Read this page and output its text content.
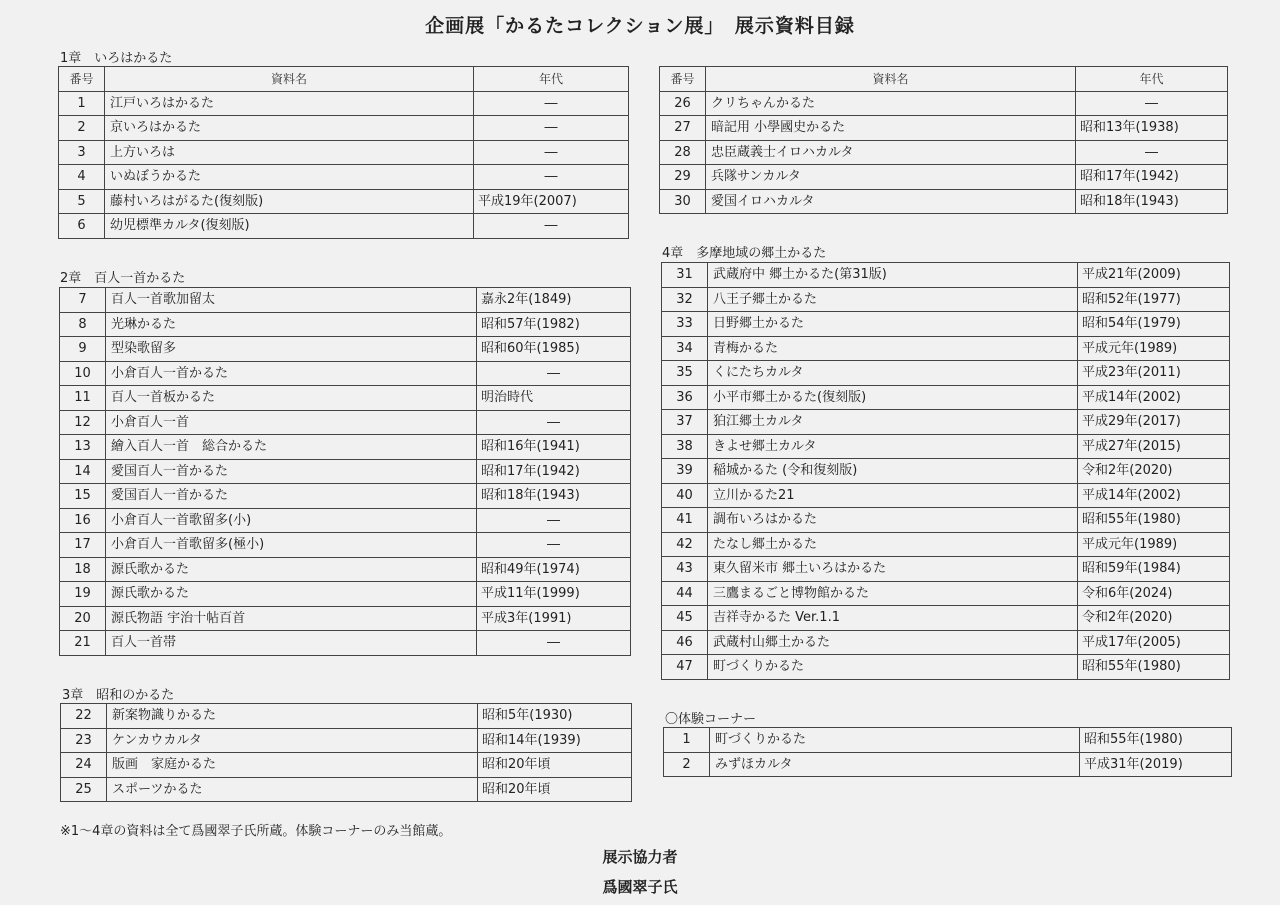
企画展「かるたコレクション展」　展示資料目録
1章　いろはかるた
番号	資料名	年代
1	江戸いろはかるた	―
2	京いろはかるた	―
3	上方いろは	―
4	いぬぼうかるた	―
5	藤村いろはがるた(復刻版)	平成19年(2007)
6	幼児標準カルタ(復刻版)	―
2章　百人一首かるた
7	百人一首歌加留太	嘉永2年(1849)
8	光琳かるた	昭和57年(1982)
9	型染歌留多	昭和60年(1985)
10	小倉百人一首かるた	―
11	百人一首板かるた	明治時代
12	小倉百人一首	―
13	繪入百人一首　総合かるた	昭和16年(1941)
14	愛国百人一首かるた	昭和17年(1942)
15	愛国百人一首かるた	昭和18年(1943)
16	小倉百人一首歌留多(小)	―
17	小倉百人一首歌留多(極小)	―
18	源氏歌かるた	昭和49年(1974)
19	源氏歌かるた	平成11年(1999)
20	源氏物語 宇治十帖百首	平成3年(1991)
21	百人一首帯	―
3章　昭和のかるた
22	新案物識りかるた	昭和5年(1930)
23	ケンカウカルタ	昭和14年(1939)
24	版画　家庭かるた	昭和20年頃
25	スポーツかるた	昭和20年頃
番号	資料名	年代
26	クリちゃんかるた	―
27	暗記用 小學國史かるた	昭和13年(1938)
28	忠臣蔵義士イロハカルタ	―
29	兵隊サンカルタ	昭和17年(1942)
30	愛国イロハカルタ	昭和18年(1943)
4章　多摩地域の郷土かるた
31	武蔵府中 郷土かるた(第31版)	平成21年(2009)
32	八王子郷土かるた	昭和52年(1977)
33	日野郷土かるた	昭和54年(1979)
34	青梅かるた	平成元年(1989)
35	くにたちカルタ	平成23年(2011)
36	小平市郷土かるた(復刻版)	平成14年(2002)
37	狛江郷土カルタ	平成29年(2017)
38	きよせ郷土カルタ	平成27年(2015)
39	稲城かるた (令和復刻版)	令和2年(2020)
40	立川かるた21	平成14年(2002)
41	調布いろはかるた	昭和55年(1980)
42	たなし郷土かるた	平成元年(1989)
43	東久留米市 郷土いろはかるた	昭和59年(1984)
44	三鷹まるごと博物館かるた	令和6年(2024)
45	吉祥寺かるた Ver.1.1	令和2年(2020)
46	武蔵村山郷土かるた	平成17年(2005)
47	町づくりかるた	昭和55年(1980)
〇体験コーナー
1	町づくりかるた	昭和55年(1980)
2	みずほカルタ	平成31年(2019)
※1～4章の資料は全て爲國翠子氏所蔵。体験コーナーのみ当館蔵。
展示協力者
爲國翠子氏
